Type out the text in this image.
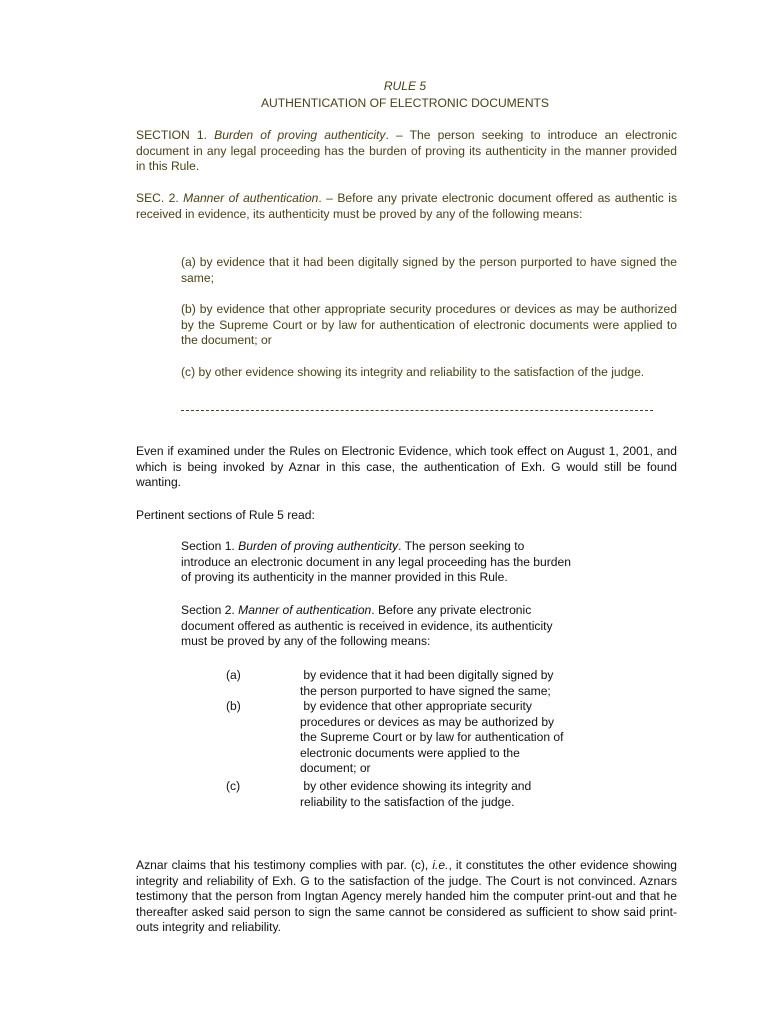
RULE 5
AUTHENTICATION OF ELECTRONIC DOCUMENTS
SECTION 1. Burden of proving authenticity. – The person seeking to introduce an electronic document in any legal proceeding has the burden of proving its authenticity in the manner provided in this Rule.
SEC. 2. Manner of authentication. – Before any private electronic document offered as authentic is received in evidence, its authenticity must be proved by any of the following means:
(a) by evidence that it had been digitally signed by the person purported to have signed the same;
(b) by evidence that other appropriate security procedures or devices as may be authorized by the Supreme Court or by law for authentication of electronic documents were applied to the document; or
(c) by other evidence showing its integrity and reliability to the satisfaction of the judge.
Even if examined under the Rules on Electronic Evidence, which took effect on August 1, 2001, and which is being invoked by Aznar in this case, the authentication of Exh. G would still be found wanting.
Pertinent sections of Rule 5 read:
Section 1. Burden of proving authenticity. The person seeking to
introduce an electronic document in any legal proceeding has the burden
of proving its authenticity in the manner provided in this Rule.
Section 2. Manner of authentication. Before any private electronic
document offered as authentic is received in evidence, its authenticity
must be proved by any of the following means:
(a)	by evidence that it had been digitally signed by
the person purported to have signed the same;
(b)	by evidence that other appropriate security
procedures or devices as may be authorized by
the Supreme Court or by law for authentication of
electronic documents were applied to the
document; or
(c)	by other evidence showing its integrity and
reliability to the satisfaction of the judge.
Aznar claims that his testimony complies with par. (c), i.e., it constitutes the other evidence showing integrity and reliability of Exh. G to the satisfaction of the judge. The Court is not convinced. Aznars testimony that the person from Ingtan Agency merely handed him the computer print-out and that he thereafter asked said person to sign the same cannot be considered as sufficient to show said print-outs integrity and reliability.
